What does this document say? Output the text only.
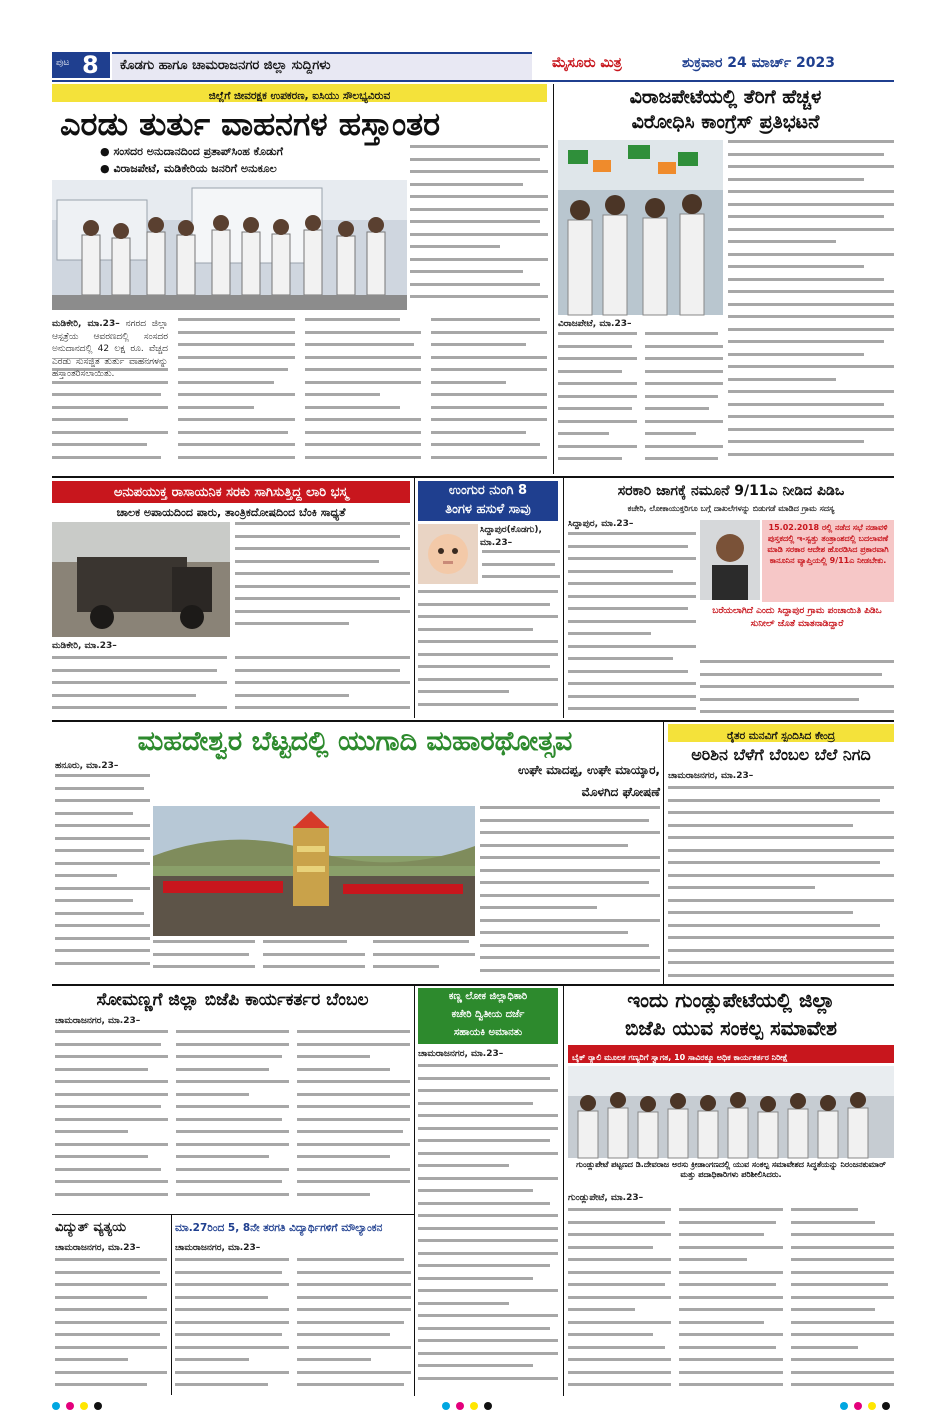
ಪುಟ 8 ಕೊಡಗು ಹಾಗೂ ಚಾಮರಾಜನಗರ ಜಿಲ್ಲಾ ಸುದ್ದಿಗಳು	ಮೈಸೂರು ಮಿತ್ರ	ಶುಕ್ರವಾರ 24 ಮಾರ್ಚ್ 2023
ಜಿಲ್ಲೆಗೆ ಜೀವರಕ್ಷಕ ಉಪಕರಣ, ಐಸಿಯು ಸೌಲಭ್ಯವಿರುವ
ಎರಡು ತುರ್ತು ವಾಹನಗಳ ಹಸ್ತಾಂತರ
● ಸಂಸದರ ಅನುದಾನದಿಂದ ಪ್ರತಾಪ್‌ಸಿಂಹ ಕೊಡುಗೆ
● ವಿರಾಜಪೇಟೆ, ಮಡಿಕೇರಿಯ ಜನರಿಗೆ ಅನುಕೂಲ
ಮಡಿಕೇರಿ, ಮಾ.23– ನಗರದ ಜಿಲ್ಲಾ ಆಸ್ಪತ್ರೆಯ ಆವರಣದಲ್ಲಿ ಸಂಸದರ ಅನುದಾನದಲ್ಲಿ 42 ಲಕ್ಷ ರೂ. ವೆಚ್ಚದ ಎರಡು ಸುಸಜ್ಜಿತ ತುರ್ತು ವಾಹನಗಳನ್ನು ಹಸ್ತಾಂತರಿಸಲಾಯಿತು.
ವಿರಾಜಪೇಟೆಯಲ್ಲಿ ತೆರಿಗೆ ಹೆಚ್ಚಳ
ವಿರೋಧಿಸಿ ಕಾಂಗ್ರೆಸ್ ಪ್ರತಿಭಟನೆ
ವಿರಾಜಪೇಟೆ, ಮಾ.23–
ಅನುಪಯುಕ್ತ ರಾಸಾಯನಿಕ ಸರಕು ಸಾಗಿಸುತ್ತಿದ್ದ ಲಾರಿ ಭಸ್ಮ
ಚಾಲಕ ಅಪಾಯದಿಂದ ಪಾರು, ತಾಂತ್ರಿಕದೋಷದಿಂದ ಬೆಂಕಿ ಸಾಧ್ಯತೆ
ಮಡಿಕೇರಿ, ಮಾ.23–
ಉಂಗುರ ನುಂಗಿ 8
ತಿಂಗಳ ಹಸುಳೆ ಸಾವು
ಸಿದ್ದಾಪುರ(ಕೊಡಗು), ಮಾ.23–
ಸರಕಾರಿ ಜಾಗಕ್ಕೆ ನಮೂನೆ 9/11ಎ ನೀಡಿದ ಪಿಡಿಒ
ಕಚೇರಿ, ಲೋಕಾಯುಕ್ತರಿಗೂ ಬಗ್ಗೆ ದಾಖಲೆಗಳನ್ನು ಬಿಡುಗಡೆ ಮಾಡಿದ ಗ್ರಾಮ ಸದಸ್ಯ
ಸಿದ್ದಾಪುರ, ಮಾ.23–	15.02.2018 ರಲ್ಲಿ ನಡೆದ ಸಭೆ ನಡಾವಳಿ ಪುಸ್ತಕದಲ್ಲಿ ಇ-ಸ್ವತ್ತು ತಂತ್ರಾಂಶದಲ್ಲಿ ಬದಲಾವಣೆ ಮಾಡಿ ಸರಕಾರ ಆದೇಶ ಹೊರಡಿಸಿದ ಪ್ರಕಾರವಾಗಿ ಕಾನೂನಿನ ವ್ಯಾಪ್ತಿಯಲ್ಲಿ 9/11ಎ ನೀಡಬೇಕು.
ಬರೆಯಲಾಗಿದೆ ಎಂದು ಸಿದ್ದಾಪುರ ಗ್ರಾಮ ಪಂಚಾಯಿತಿ ಪಿಡಿಒ ಸುನೀಲ್ ಜೊತೆ ಮಾತನಾಡಿದ್ದಾರೆ
ಮಹದೇಶ್ವರ ಬೆಟ್ಟದಲ್ಲಿ ಯುಗಾದಿ ಮಹಾರಥೋತ್ಸವ
ಉಘೇ ಮಾದಪ್ಪ, ಉಘೇ ಮಾಯ್ಕಾರ,
ಮೊಳಗಿದ ಘೋಷಣೆ
ಹನೂರು, ಮಾ.23–
ರೈತರ ಮನವಿಗೆ ಸ್ಪಂದಿಸಿದ ಕೇಂದ್ರ
ಅರಿಶಿನ ಬೆಳೆಗೆ ಬೆಂಬಲ ಬೆಲೆ ನಿಗದಿ
ಚಾಮರಾಜನಗರ, ಮಾ.23–
ಸೋಮಣ್ಣಗೆ ಜಿಲ್ಲಾ ಬಿಜೆಪಿ ಕಾರ್ಯಕರ್ತರ ಬೆಂಬಲ
ಚಾಮರಾಜನಗರ, ಮಾ.23–
ಕಣ್ಣ ಲೋಕ ಜಿಲ್ಲಾಧಿಕಾರಿ
ಕಚೇರಿ ದ್ವಿತೀಯ ದರ್ಜೆ
ಸಹಾಯಕಿ ಅಮಾನತು
ಚಾಮರಾಜನಗರ, ಮಾ.23–
ಇಂದು ಗುಂಡ್ಲುಪೇಟೆಯಲ್ಲಿ ಜಿಲ್ಲಾ
ಬಿಜೆಪಿ ಯುವ ಸಂಕಲ್ಪ ಸಮಾವೇಶ
ಬೈಕ್ ರ‍್ಯಾಲಿ ಮೂಲಕ ಗಣ್ಯರಿಗೆ ಸ್ವಾಗತ, 10 ಸಾವಿರಕ್ಕೂ ಅಧಿಕ ಕಾರ್ಯಕರ್ತರ ನಿರೀಕ್ಷೆ
ಗುಂಡ್ಲುಪೇಟೆ ಪಟ್ಟಣದ ಡಿ.ದೇವರಾಜ ಅರಸು ಕ್ರೀಡಾಂಗಣದಲ್ಲಿ ಯುವ ಸಂಕಲ್ಪ ಸಮಾವೇಶದ ಸಿದ್ಧತೆಯನ್ನು ನಿರಂಜನಕುಮಾರ್ ಮತ್ತು ಪದಾಧಿಕಾರಿಗಳು ಪರಿಶೀಲಿಸಿದರು.
ಗುಂಡ್ಲುಪೇಟೆ, ಮಾ.23–
ವಿದ್ಯುತ್ ವ್ಯತ್ಯಯ
ಚಾಮರಾಜನಗರ, ಮಾ.23–
ಮಾ.27ರಿಂದ 5, 8ನೇ ತರಗತಿ ವಿದ್ಯಾರ್ಥಿಗಳಿಗೆ ಮೌಲ್ಯಾಂಕನ
ಚಾಮರಾಜನಗರ, ಮಾ.23–
